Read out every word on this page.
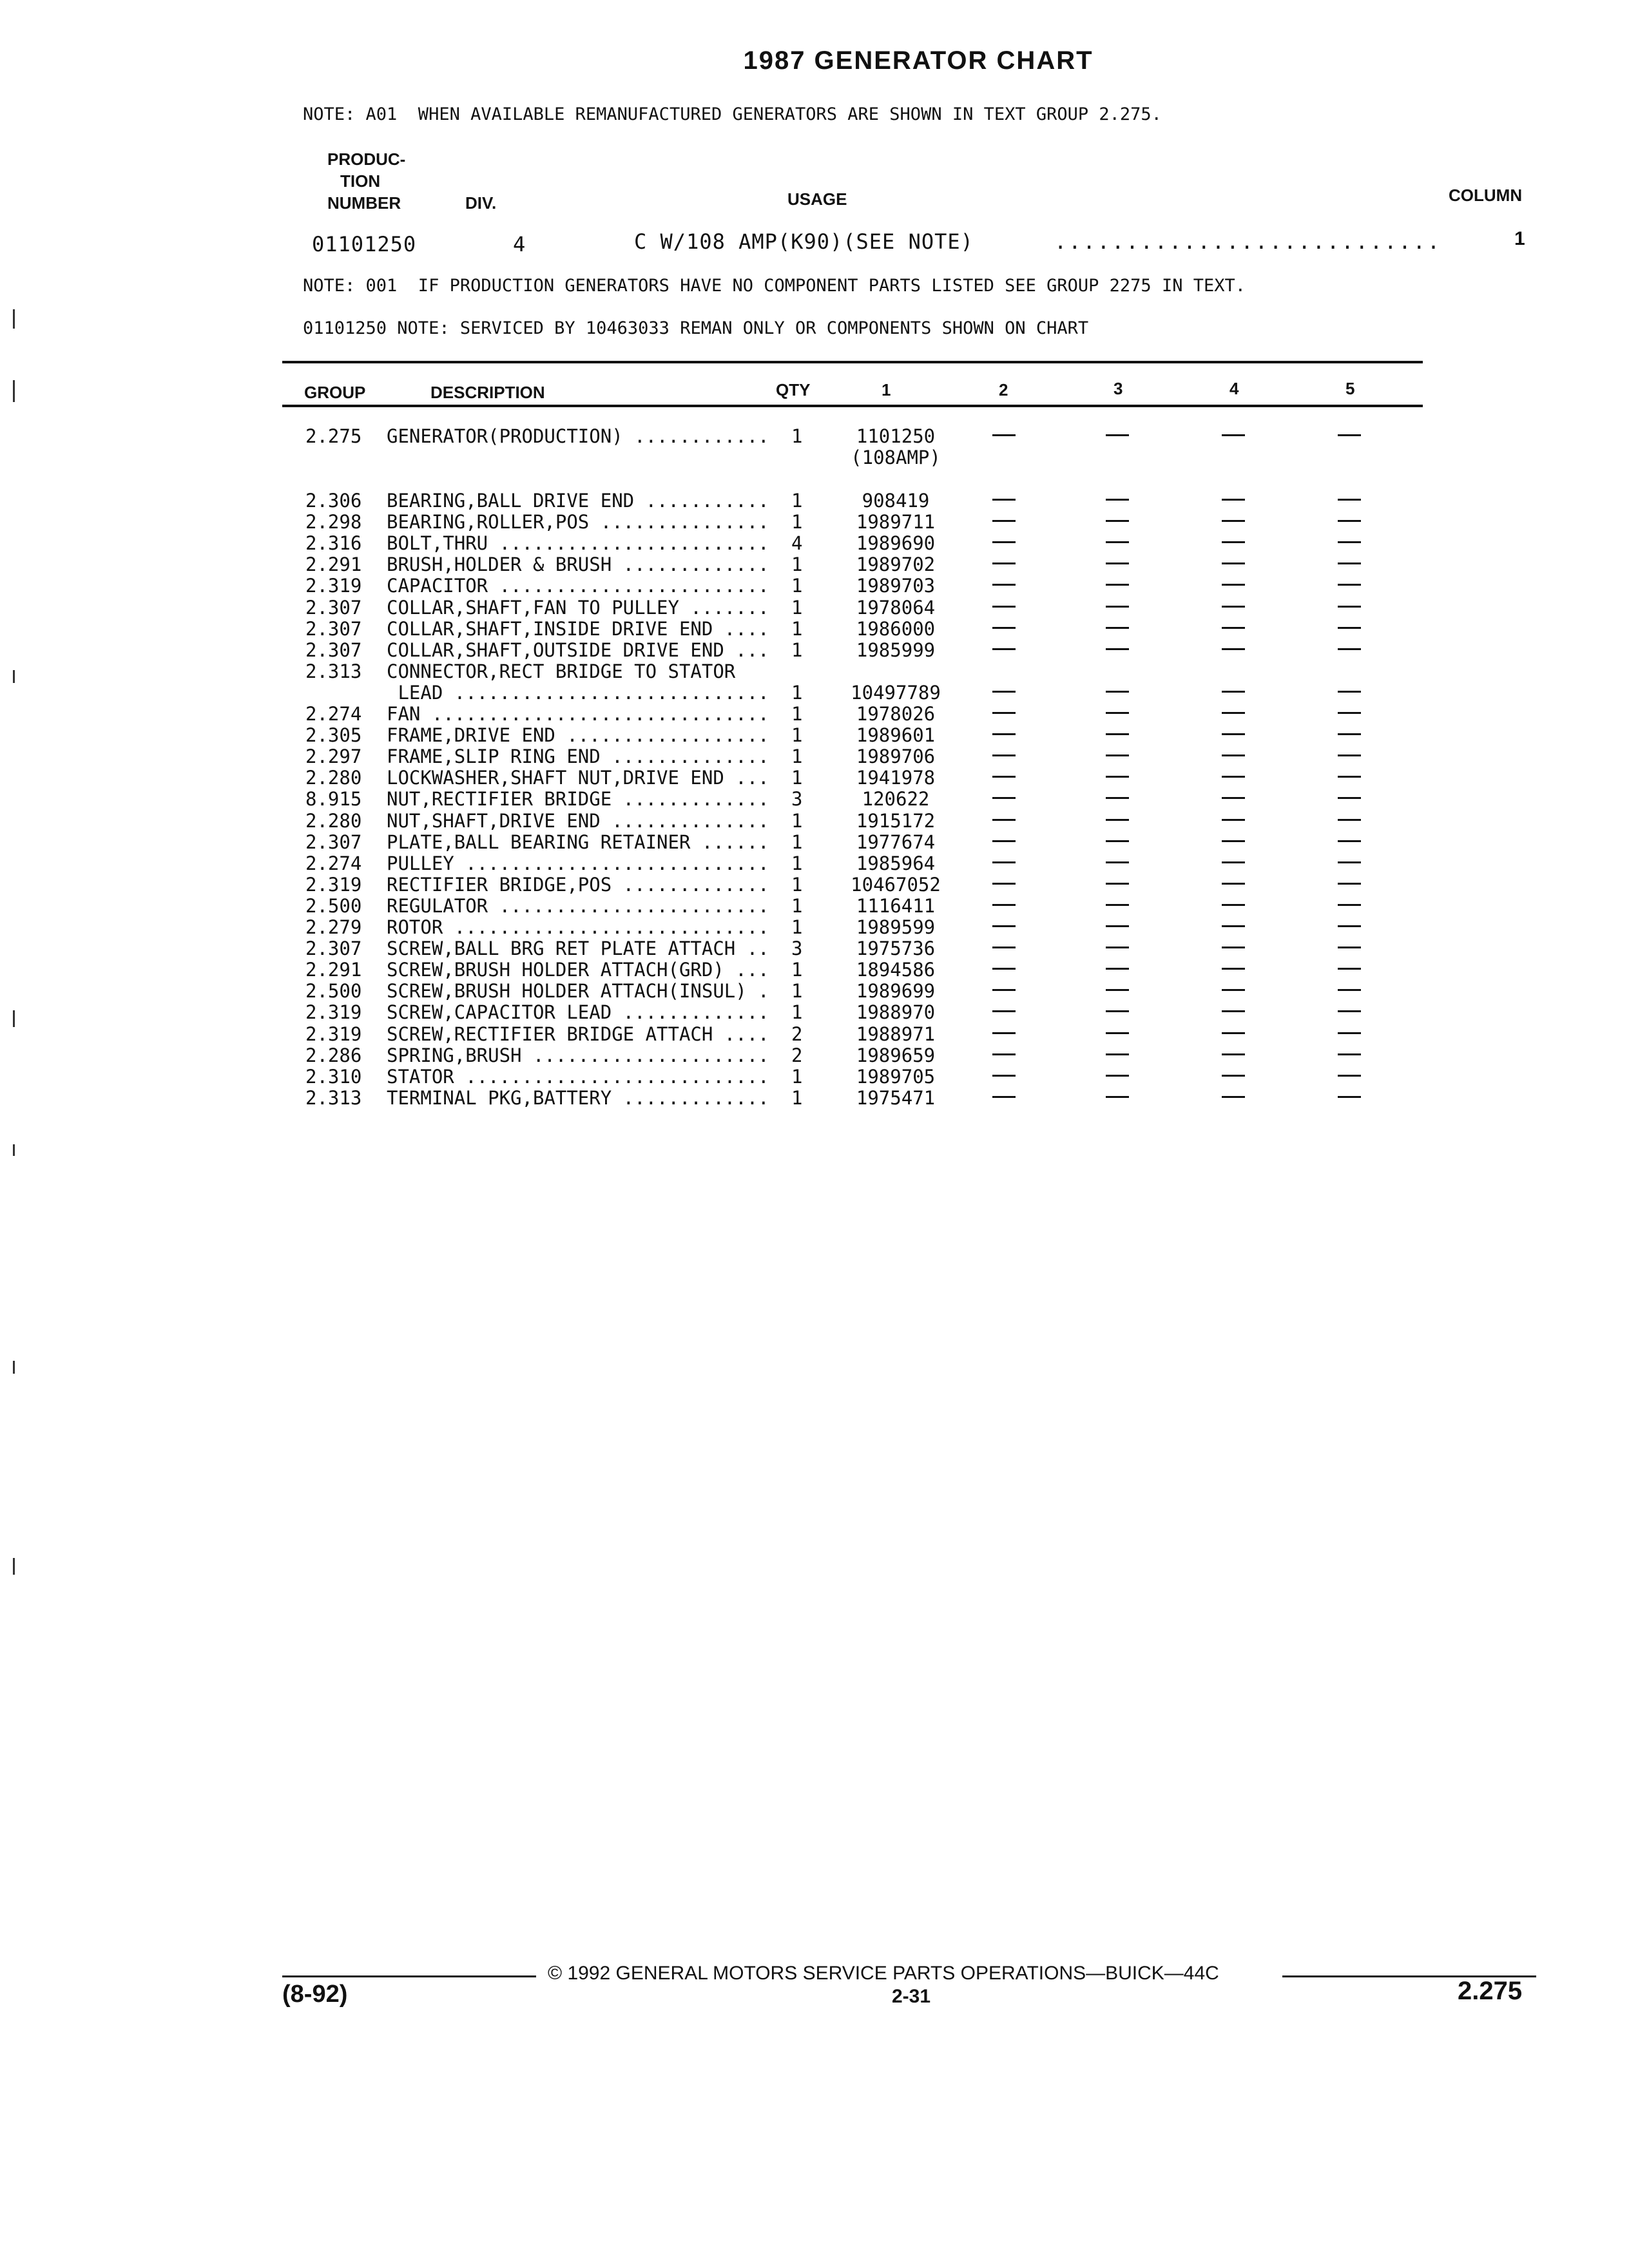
1987 GENERATOR CHART
NOTE: A01  WHEN AVAILABLE REMANUFACTURED GENERATORS ARE SHOWN IN TEXT GROUP 2.275.
PRODUC-
TION
NUMBER	DIV.	USAGE	COLUMN
01101250	4	C W/108 AMP(K90)(SEE NOTE)	...........................	1
NOTE: 001  IF PRODUCTION GENERATORS HAVE NO COMPONENT PARTS LISTED SEE GROUP 2275 IN TEXT.
01101250 NOTE: SERVICED BY 10463033 REMAN ONLY OR COMPONENTS SHOWN ON CHART
GROUP	DESCRIPTION	QTY	1	2	3	4	5
2.275 GENERATOR(PRODUCTION) ............ 1	1101250
(108AMP)
2.306 BEARING,BALL DRIVE END ........... 1	908419
2.298 BEARING,ROLLER,POS ............... 1	1989711
2.316 BOLT,THRU ........................ 4	1989690
2.291 BRUSH,HOLDER & BRUSH ............. 1	1989702
2.319 CAPACITOR ........................ 1	1989703
2.307 COLLAR,SHAFT,FAN TO PULLEY ....... 1	1978064
2.307 COLLAR,SHAFT,INSIDE DRIVE END .... 1	1986000
2.307 COLLAR,SHAFT,OUTSIDE DRIVE END ... 1	1985999
2.313 CONNECTOR,RECT BRIDGE TO STATOR
LEAD ............................ 1	10497789
2.274 FAN .............................. 1	1978026
2.305 FRAME,DRIVE END .................. 1	1989601
2.297 FRAME,SLIP RING END .............. 1	1989706
2.280 LOCKWASHER,SHAFT NUT,DRIVE END ... 1	1941978
8.915 NUT,RECTIFIER BRIDGE ............. 3	120622
2.280 NUT,SHAFT,DRIVE END .............. 1	1915172
2.307 PLATE,BALL BEARING RETAINER ...... 1	1977674
2.274 PULLEY ........................... 1	1985964
2.319 RECTIFIER BRIDGE,POS ............. 1	10467052
2.500 REGULATOR ........................ 1	1116411
2.279 ROTOR ............................ 1	1989599
2.307 SCREW,BALL BRG RET PLATE ATTACH .. 3	1975736
2.291 SCREW,BRUSH HOLDER ATTACH(GRD) ... 1	1894586
2.500 SCREW,BRUSH HOLDER ATTACH(INSUL) . 1	1989699
2.319 SCREW,CAPACITOR LEAD ............. 1	1988970
2.319 SCREW,RECTIFIER BRIDGE ATTACH .... 2	1988971
2.286 SPRING,BRUSH ..................... 2	1989659
2.310 STATOR ........................... 1	1989705
2.313 TERMINAL PKG,BATTERY ............. 1	1975471
© 1992 GENERAL MOTORS SERVICE PARTS OPERATIONS—BUICK—44C
(8-92)	2-31	2.275
